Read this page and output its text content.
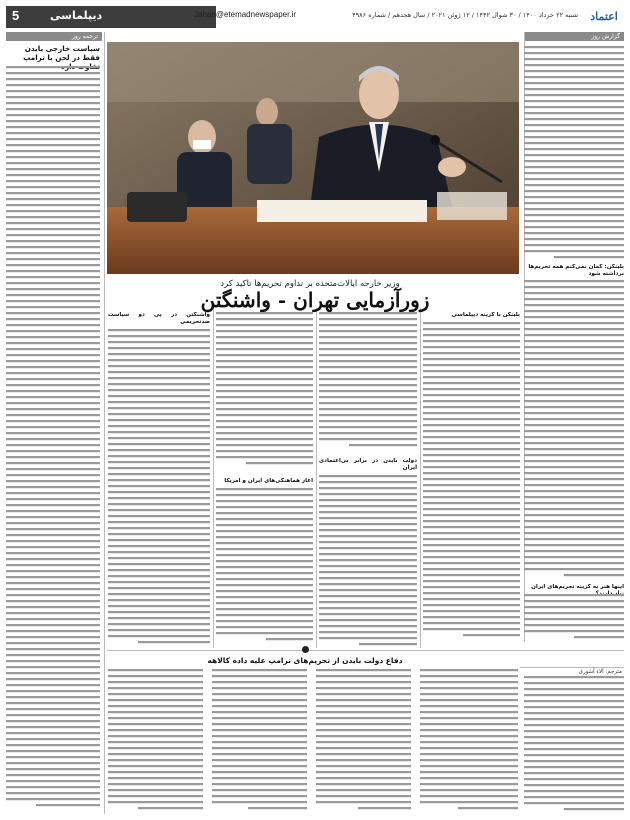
5	دیپلماسی	اعتماد
شنبه ۲۲ خرداد ۱۴۰۰ / ۳۰ شوال ۱۴۴۲ / ۱۲ ژوئن ۲۰۲۱ / سال هجدهم / شماره ۴۹۸۶
Jahan@etemadnewspaper.ir
گزارش روز
ترجمه روز
وزیر خارجه ایالات‌متحده بر تداوم تحریم‌ها تاکید کرد
زورآزمایی تهران - واشنگتن
سیاست خارجی بایدن فقط در لحن با ترامپ
بلینکن: گمان نمی‌کنم همه تحریم‌ها برداشته شود
اینها هنر به گزینه تحریم‌های ایران
بلینکن با گزینه دیپلماسی
دولت بایدن در برابر بی‌اعتمادی ایران
آغاز هماهنگی‌های ایران و آمریکا
واشنگتن در پی دو سیاست ضدتحریمی
دفاع دولت بایدن از تحریم‌های ترامپ علیه داده کالاهه
مترجم: آلاء آشوری
